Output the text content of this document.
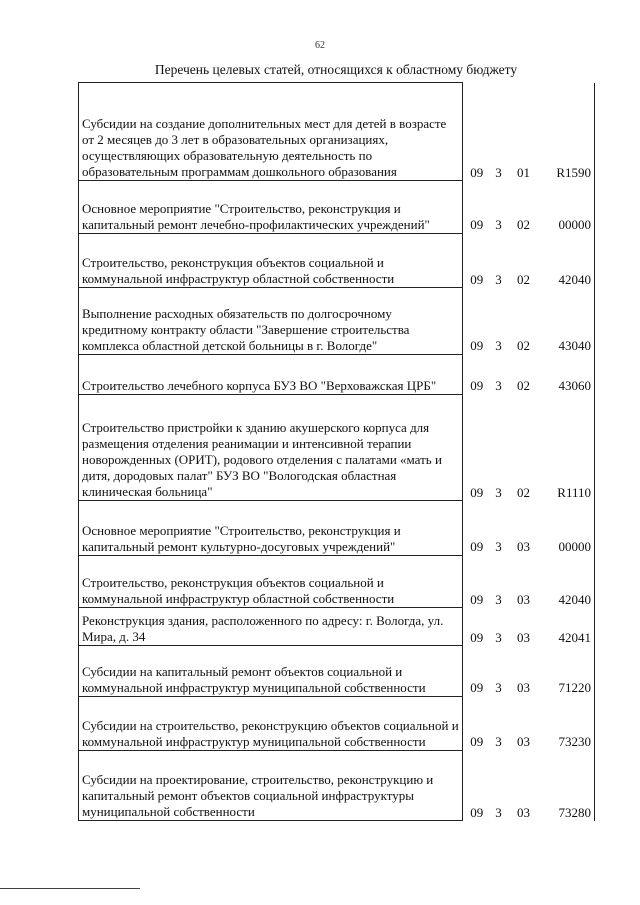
62
Перечень целевых статей, относящихся к областному бюджету
Субсидии на создание дополнительных мест для детей в возрасте от 2 месяцев до 3 лет в образовательных организациях, осуществляющих образовательную деятельность по образовательным программам дошкольного образования	09	3	01	R1590

Основное мероприятие "Строительство, реконструкция и капитальный ремонт лечебно-профилактических учреждений"	09	3	02	00000

Строительство, реконструкция объектов социальной и коммунальной инфраструктур областной собственности	09	3	02	42040

Выполнение расходных обязательств по долгосрочному кредитному контракту области "Завершение строительства комплекса областной детской больницы в г. Вологде"	09	3	02	43040
Строительство лечебного корпуса БУЗ ВО "Верховажская ЦРБ"	09	3	02	43060

Строительство пристройки к зданию акушерского корпуса для размещения отделения реанимации и интенсивной терапии новорожденных (ОРИТ), родового отделения с палатами «мать и дитя, дородовых палат" БУЗ ВО "Вологодская областная клиническая больница"	09	3	02	R1110

Основное мероприятие "Строительство, реконструкция и капитальный ремонт культурно-досуговых учреждений"	09	3	03	00000

Строительство, реконструкция объектов социальной и коммунальной инфраструктур областной собственности	09	3	03	42040
Реконструкция здания, расположенного по адресу: г. Вологда, ул. Мира, д. 34	09	3	03	42041

Субсидии на капитальный ремонт объектов социальной и коммунальной инфраструктур муниципальной собственности	09	3	03	71220
Субсидии на строительство, реконструкцию объектов социальной и коммунальной инфраструктур муниципальной собственности	09	3	03	73230

Субсидии на проектирование, строительство, реконструкцию и капитальный ремонт объектов социальной инфраструктуры муниципальной собственности	09	3	03	73280
